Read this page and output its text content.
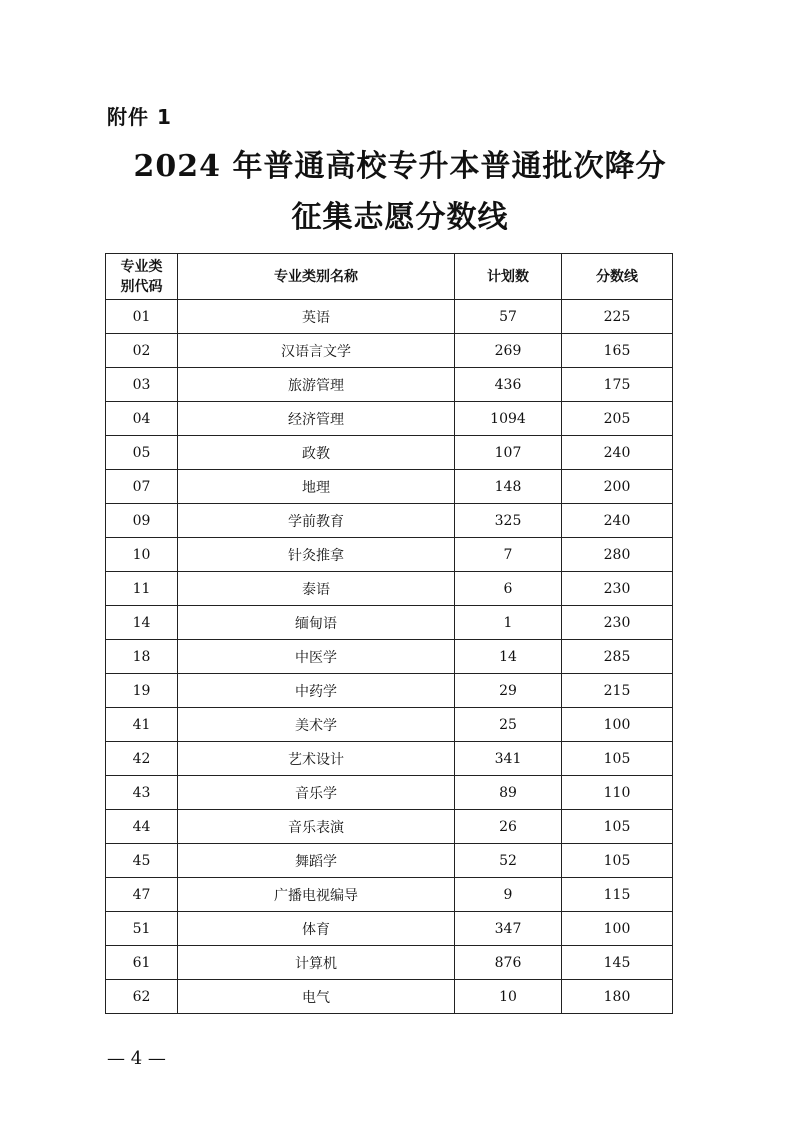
附件 1
2024 年普通高校专升本普通批次降分
征集志愿分数线
专业类
别代码	专业类别名称	计划数	分数线
01	英语	57	225
02	汉语言文学	269	165
03	旅游管理	436	175
04	经济管理	1094	205
05	政教	107	240
07	地理	148	200
09	学前教育	325	240
10	针灸推拿	7	280
11	泰语	6	230
14	缅甸语	1	230
18	中医学	14	285
19	中药学	29	215
41	美术学	25	100
42	艺术设计	341	105
43	音乐学	89	110
44	音乐表演	26	105
45	舞蹈学	52	105
47	广播电视编导	9	115
51	体育	347	100
61	计算机	876	145
62	电气	10	180
— 4 —
